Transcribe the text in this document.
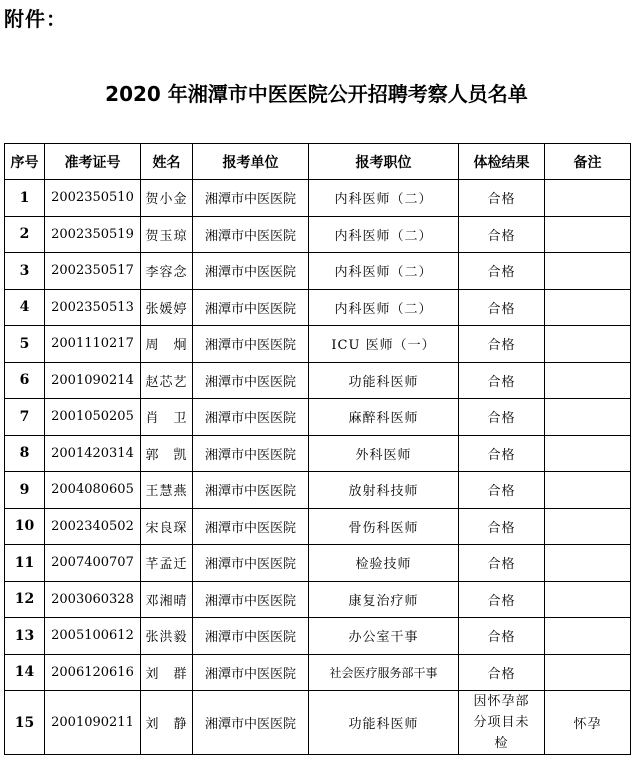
附件：
2020 年湘潭市中医医院公开招聘考察人员名单
序号	准考证号	姓名	报考单位	报考职位	体检结果	备注
1	2002350510	贺小金	湘潭市中医医院	内科医师（二）	合格	
2	2002350519	贺玉琼	湘潭市中医医院	内科医师（二）	合格	
3	2002350517	李容念	湘潭市中医医院	内科医师（二）	合格	
4	2002350513	张媛婷	湘潭市中医医院	内科医师（二）	合格	
5	2001110217	周　炯	湘潭市中医医院	ICU 医师（一）	合格	
6	2001090214	赵芯艺	湘潭市中医医院	功能科医师	合格	
7	2001050205	肖　卫	湘潭市中医医院	麻醉科医师	合格	
8	2001420314	郭　凯	湘潭市中医医院	外科医师	合格	
9	2004080605	王慧燕	湘潭市中医医院	放射科技师	合格	
10	2002340502	宋良琛	湘潭市中医医院	骨伤科医师	合格	
11	2007400707	芊孟迁	湘潭市中医医院	检验技师	合格	
12	2003060328	邓湘晴	湘潭市中医医院	康复治疗师	合格	
13	2005100612	张洪毅	湘潭市中医医院	办公室干事	合格	
14	2006120616	刘　群	湘潭市中医医院	社会医疗服务部干事	合格	
15	2001090211	刘　静	湘潭市中医医院	功能科医师	因怀孕部分项目未检	怀孕
